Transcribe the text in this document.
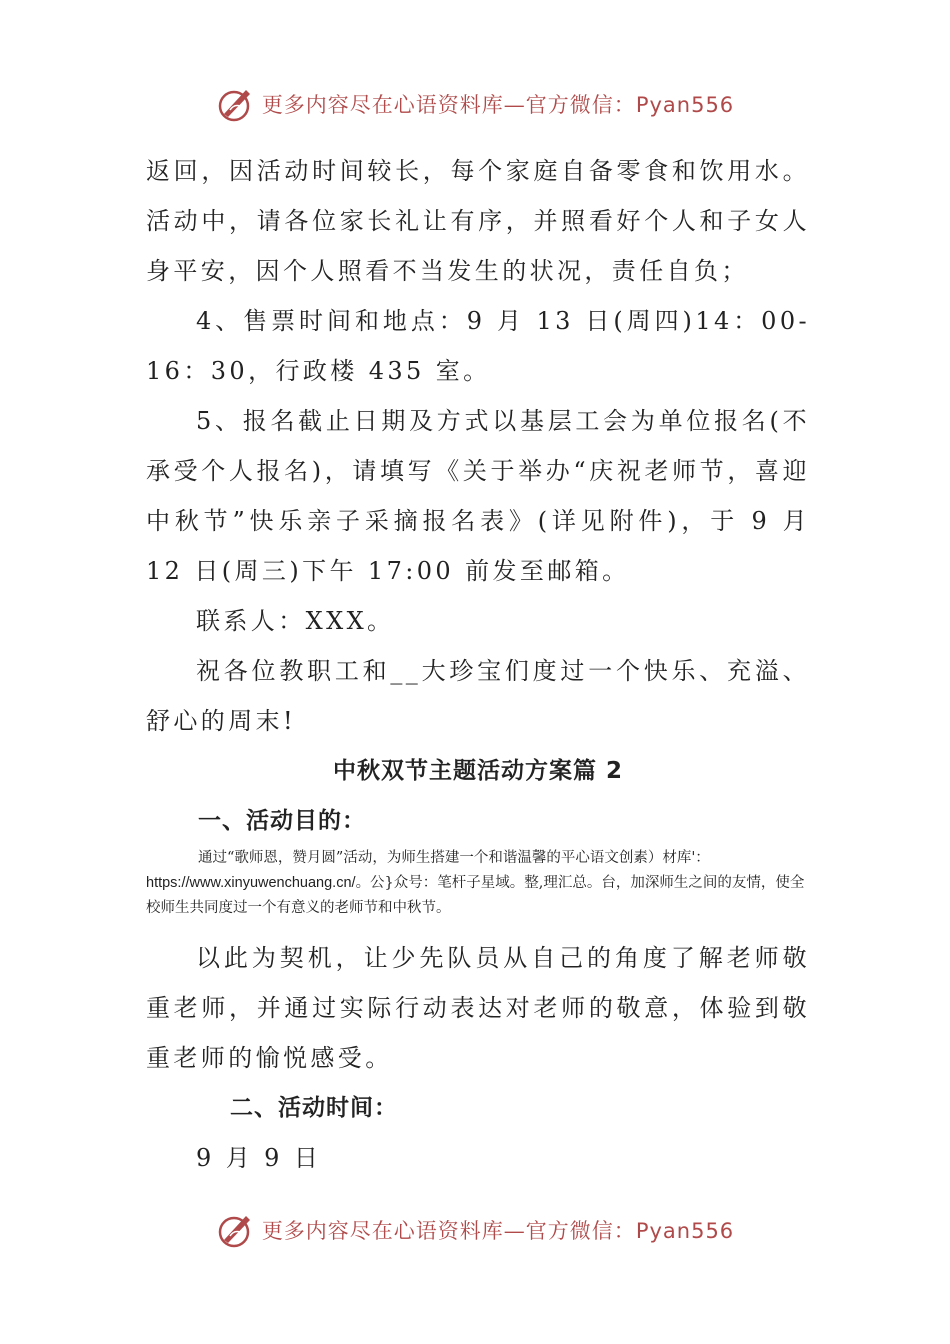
更多内容尽在心语资料库—官方微信：Pyan556

返回，因活动时间较长，每个家庭自备零食和饮用水。活动中，请各位家长礼让有序，并照看好个人和子女人身平安，因个人照看不当发生的状况，责任自负；

4、售票时间和地点：9 月 13 日(周四)14：00-16：30，行政楼 435 室。

5、报名截止日期及方式以基层工会为单位报名(不承受个人报名)，请填写《关于举办“庆祝老师节，喜迎中秋节”快乐亲子采摘报名表》(详见附件)，于 9 月 12 日(周三)下午 17:00 前发至邮箱。

联系人：XXX。

祝各位教职工和__大珍宝们度过一个快乐、充溢、舒心的周末!

中秋双节主题活动方案篇 2

一、活动目的：

通过“歌师恩，赞月圆”活动，为师生搭建一个和谐温馨的平心语文创素）材库'：https://www.xinyuwenchuang.cn/。公}众号：笔杆子星域。整,理汇总。台，加深师生之间的友情，使全校师生共同度过一个有意义的老师节和中秋节。

以此为契机，让少先队员从自己的角度了解老师敬重老师，并通过实际行动表达对老师的敬意，体验到敬重老师的愉悦感受。

二、活动时间：

9 月 9 日

更多内容尽在心语资料库—官方微信：Pyan556
